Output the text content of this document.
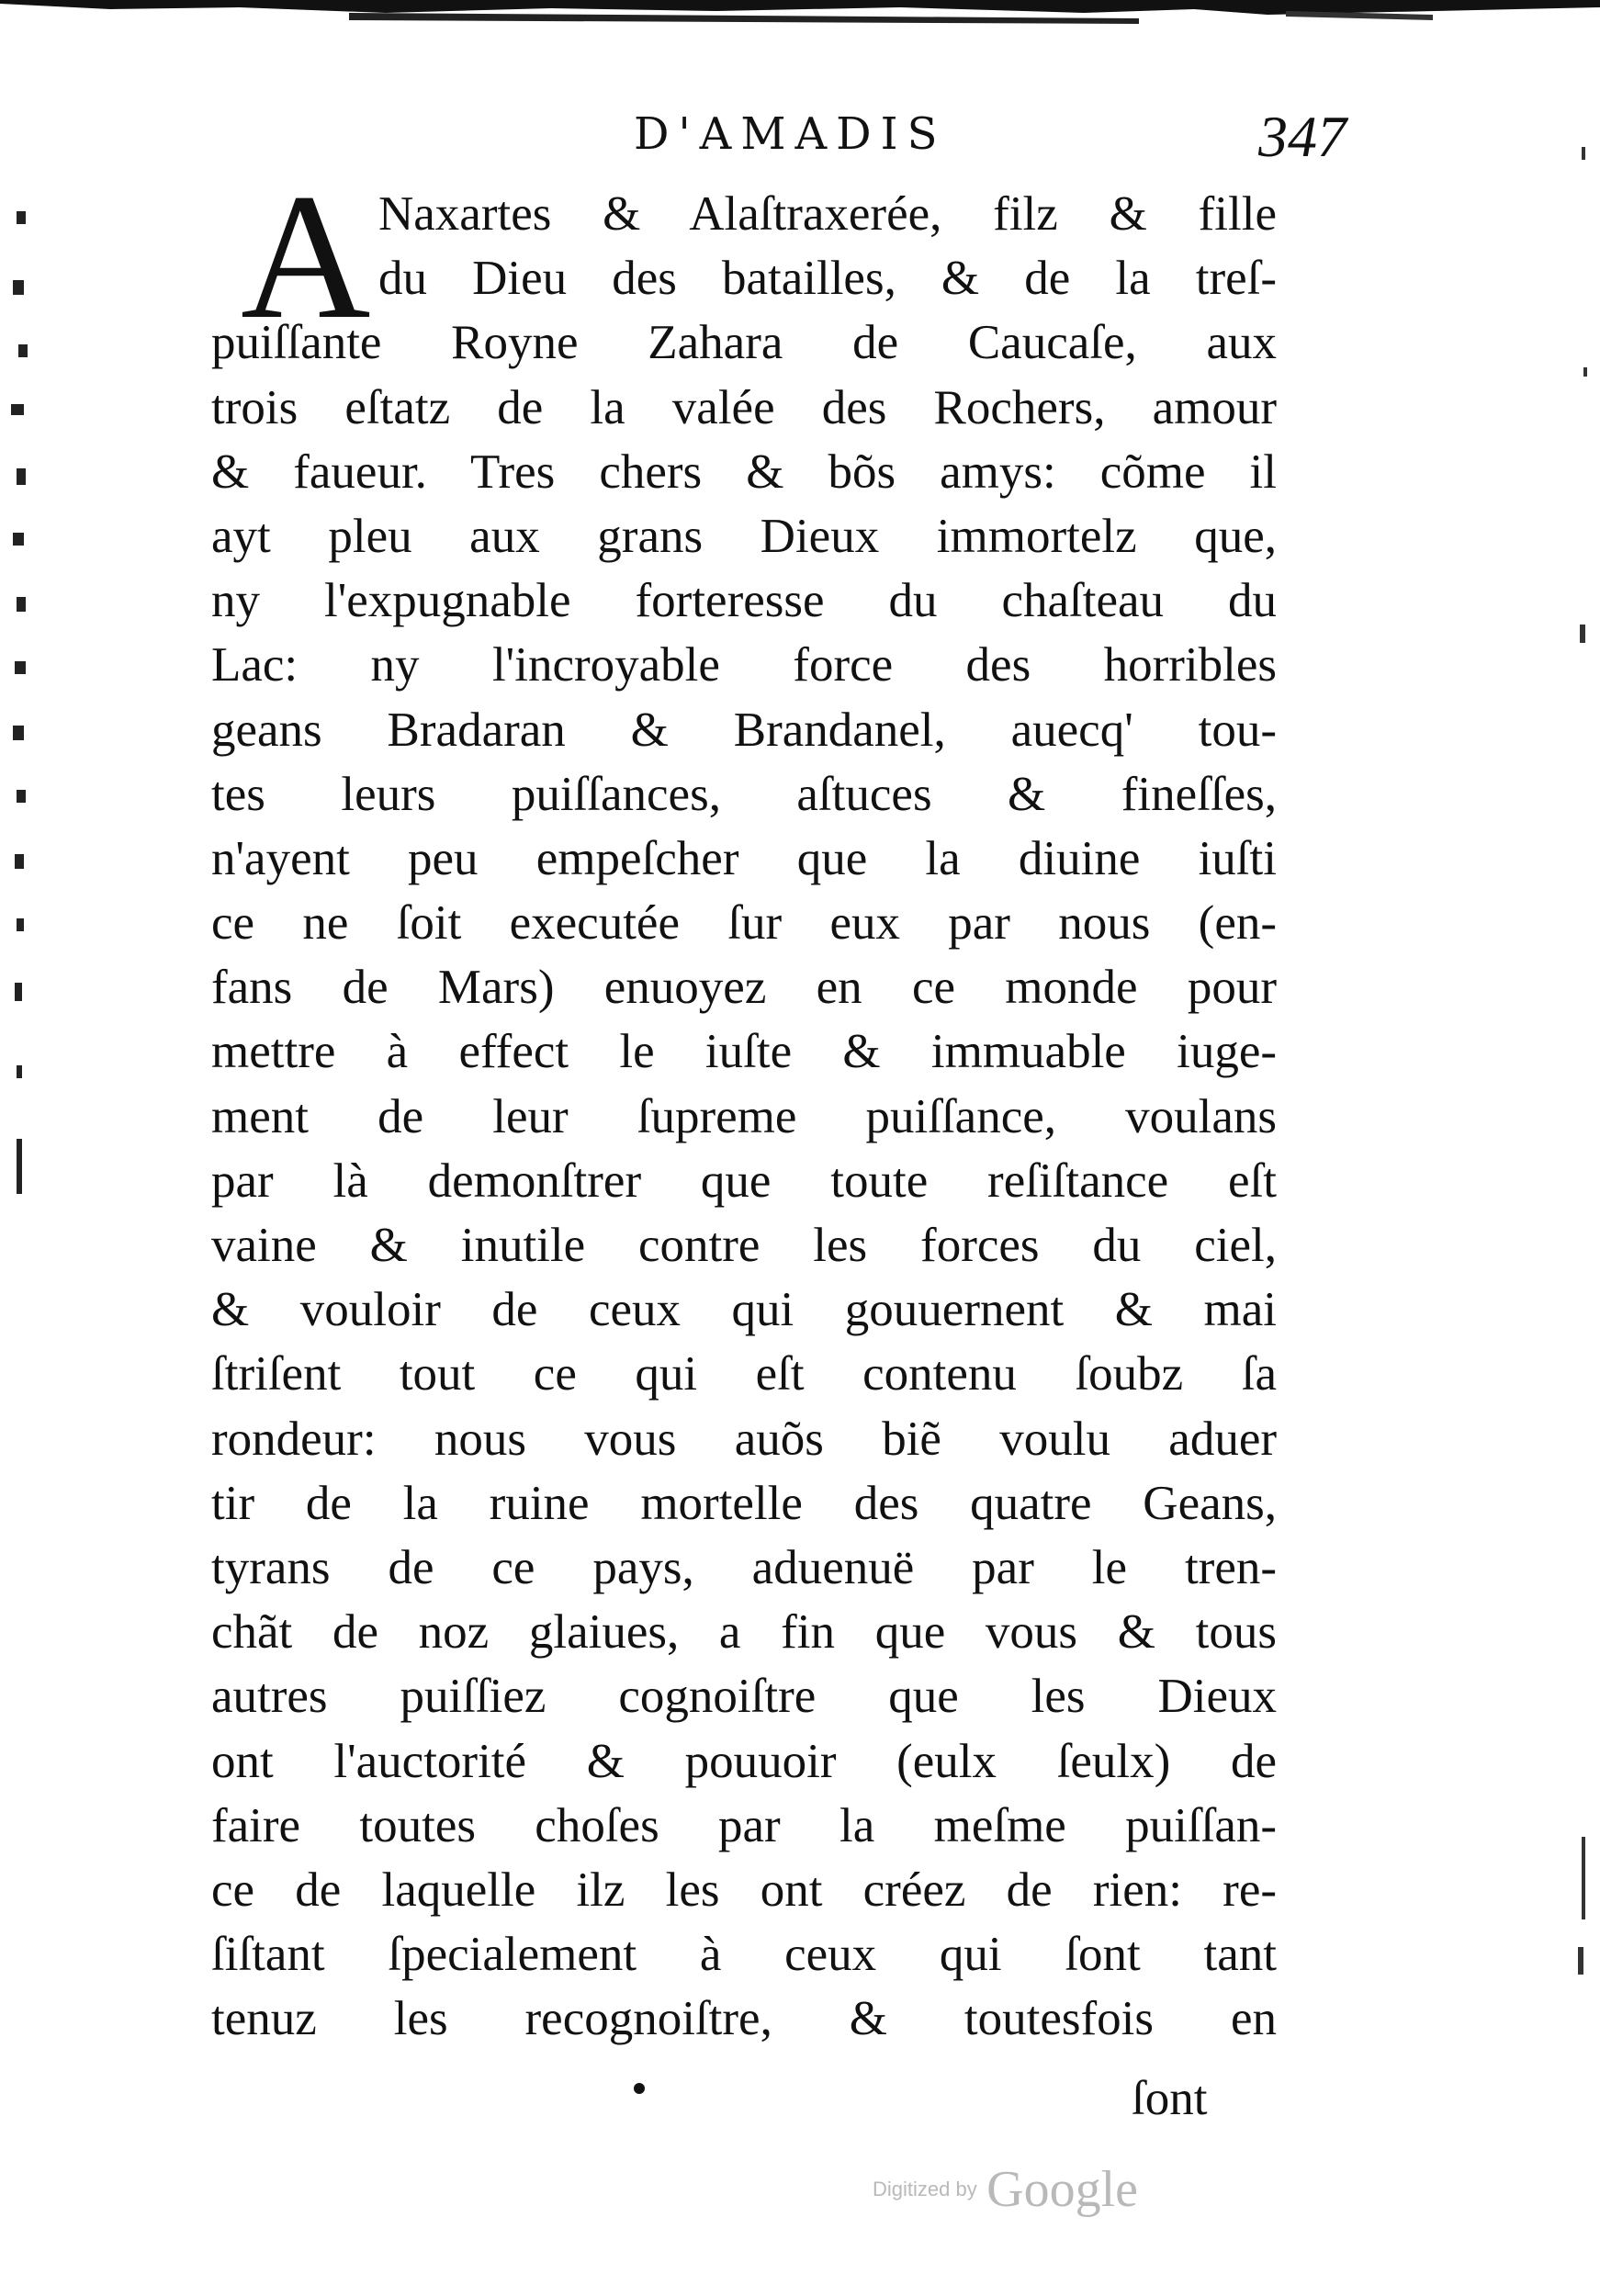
D'AMADIS	347
A Naxartes & Alaſtraxerée, filz & fille
du Dieu des batailles, & de la treſ-
puiſſante Royne Zahara de Caucaſe, aux
trois eſtatz de la valée des Rochers, amour
& faueur. Tres chers & bõs amys: cõme il
ayt pleu aux grans Dieux immortelz que,
ny l'expugnable forteresse du chaſteau du
Lac: ny l'incroyable force des horribles
geans Bradaran & Brandanel, auecq' tou-
tes leurs puiſſances, aſtuces & fineſſes,
n'ayent peu empeſcher que la diuine iuſti
ce ne ſoit executée ſur eux par nous (en-
fans de Mars) enuoyez en ce monde pour
mettre à effect le iuſte & immuable iuge-
ment de leur ſupreme puiſſance, voulans
par là demonſtrer que toute reſiſtance eſt
vaine & inutile contre les forces du ciel,
& vouloir de ceux qui gouuernent & mai
ſtriſent tout ce qui eſt contenu ſoubz ſa
rondeur: nous vous auõs biẽ voulu aduer
tir de la ruine mortelle des quatre Geans,
tyrans de ce pays, aduenuë par le tren-
chãt de noz glaiues, a fin que vous & tous
autres puiſſiez cognoiſtre que les Dieux
ont l'auctorité & pouuoir (eulx ſeulx) de
faire toutes choſes par la meſme puiſſan-
ce de laquelle ilz les ont créez de rien: re-
ſiſtant ſpecialement à ceux qui ſont tant
tenuz les recognoiſtre, & toutesfois en
ſont
Digitized by Google
